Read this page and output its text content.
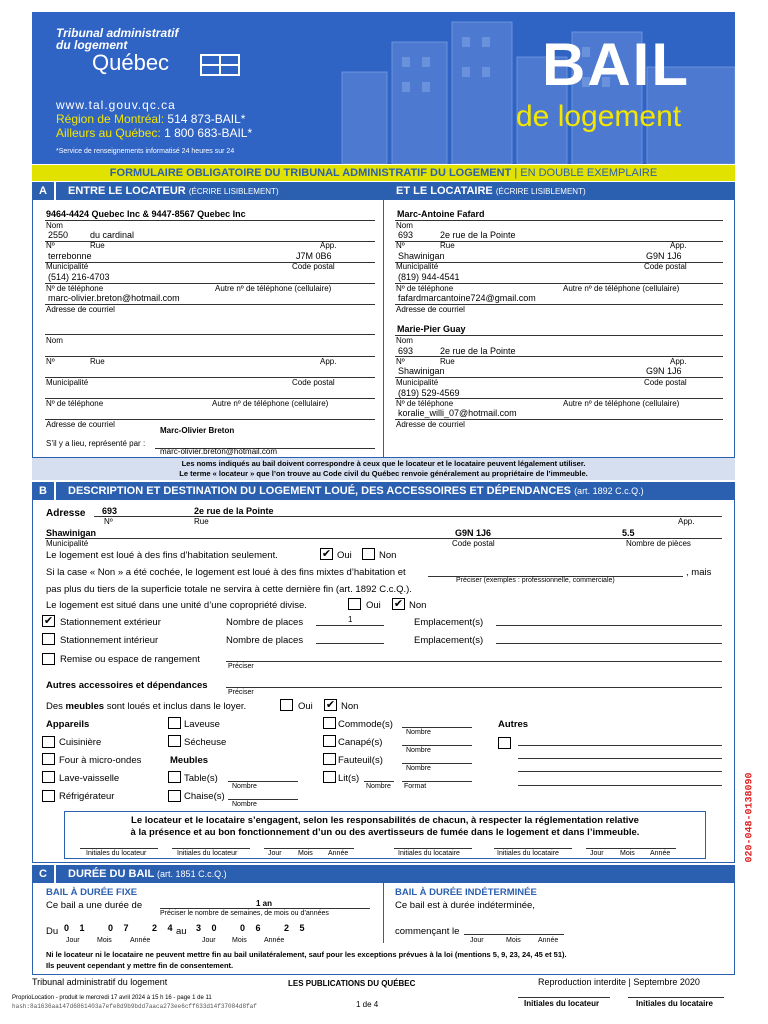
Tribunal administratif
du logement
Québec
www.tal.gouv.qc.ca
Région de Montréal: 514 873-BAIL*
Ailleurs au Québec: 1 800 683-BAIL*
*Service de renseignements informatisé 24 heures sur 24
BAIL
de logement
FORMULAIRE OBLIGATOIRE DU TRIBUNAL ADMINISTRATIF DU LOGEMENT | EN DOUBLE EXEMPLAIRE
A	ENTRE LE LOCATEUR (ÉCRIRE LISIBLEMENT)	ET LE LOCATAIRE (ÉCRIRE LISIBLEMENT)
9464-4424 Quebec Inc & 9447-8567 Quebec Inc
Nom
2550 du cardinal
Nº	Rue	App.
terrebonne	J7M 0B6
Municipalité	Code postal
(514) 216-4703
Nº de téléphone	Autre nº de téléphone (cellulaire)
marc-olivier.breton@hotmail.com
Adresse de courriel
Nom
Nº	Rue	App.
Municipalité	Code postal
Nº de téléphone	Autre nº de téléphone (cellulaire)
Adresse de courriel
Marc-Olivier Breton
S’il y a lieu, représenté par :
marc-olivier.breton@hotmail.com
Marc-Antoine Fafard
Nom
693	2e rue de la Pointe
Nº	Rue	App.
Shawinigan	G9N 1J6
Municipalité	Code postal
(819) 944-4541
Nº de téléphone	Autre nº de téléphone (cellulaire)
fafardmarcantoine724@gmail.com
Adresse de courriel
Marie-Pier Guay
Nom
693	2e rue de la Pointe
Nº	Rue	App.
Shawinigan	G9N 1J6
Municipalité	Code postal
(819) 529-4569
Nº de téléphone	Autre nº de téléphone (cellulaire)
koralie_willi_07@hotmail.com
Adresse de courriel
Les noms indiqués au bail doivent correspondre à ceux que le locateur et le locataire peuvent légalement utiliser.
Le terme « locateur » que l’on trouve au Code civil du Québec renvoie généralement au propriétaire de l’immeuble.
B	DESCRIPTION ET DESTINATION DU LOGEMENT LOUÉ, DES ACCESSOIRES ET DÉPENDANCES (art. 1892 C.c.Q.)
Adresse 693	2e rue de la Pointe
Nº	Rue	App.
Shawinigan	G9N 1J6	5.5
Municipalité	Code postal	Nombre de pièces
Le logement est loué à des fins d’habitation seulement.	✔ Oui	Non
Si la case « Non » a été cochée, le logement est loué à des fins mixtes d’habitation et	, mais
Préciser (exemples : professionnelle, commerciale)
pas plus du tiers de la superficie totale ne servira à cette dernière fin (art. 1892 C.c.Q.).
Le logement est situé dans une unité d’une copropriété divise.	Oui ✔ Non
✔ Stationnement extérieur	Nombre de places	1	Emplacement(s)
Stationnement intérieur	Nombre de places	Emplacement(s)
Remise ou espace de rangement
Préciser
Autres accessoires et dépendances
Préciser
Des meubles sont loués et inclus dans le loyer.	Oui ✔ Non
Appareils	Laveuse	Commode(s)
Nombre
Autres
Cuisinière	Sécheuse	Canapé(s)
Nombre
Four à micro-ondes	Meubles	Fauteuil(s)
Nombre
Lave-vaisselle	Table(s)
Nombre
Lit(s)
Nombre Format
Réfrigérateur	Chaise(s)
Nombre
Le locateur et le locataire s’engagent, selon les responsabilités de chacun, à respecter la réglementation relative
à la présence et au bon fonctionnement d’un ou des avertisseurs de fumée dans le logement et dans l’immeuble.
Initiales du locateur	Initiales du locateur	Jour Mois Année	Initiales du locataire	Initiales du locataire	Jour Mois Année
C	DURÉE DU BAIL (art. 1851 C.c.Q.)
BAIL À DURÉE FIXE
Ce bail a une durée de	1 an
Préciser le nombre de semaines, de mois ou d’années
Du 0 1   0 7   2 4 au 3 0   0 6   2 5
Jour Mois	Année	Jour Mois Année
BAIL À DURÉE INDÉTERMINÉE
Ce bail est à durée indéterminée,
commençant le
Jour	Mois Année
Ni le locateur ni le locataire ne peuvent mettre fin au bail unilatéralement, sauf pour les exceptions prévues à la loi (mentions 5, 9, 23, 24, 45 et 51).
Ils peuvent cependant y mettre fin de consentement.
Tribunal administratif du logement	LES PUBLICATIONS DU QUÉBEC	Reproduction interdite | Septembre 2020
ProprioLocation - produit le mercredi 17 avril 2024 à 15 h 16 - page 1 de 11
hash:8a1636aa147d6861403a7efe8d9b9bdd7aaca273ee6cff633d14f37084d8faf	1 de 4	Initiales du locateur	Initiales du locataire
020-048-0138090
